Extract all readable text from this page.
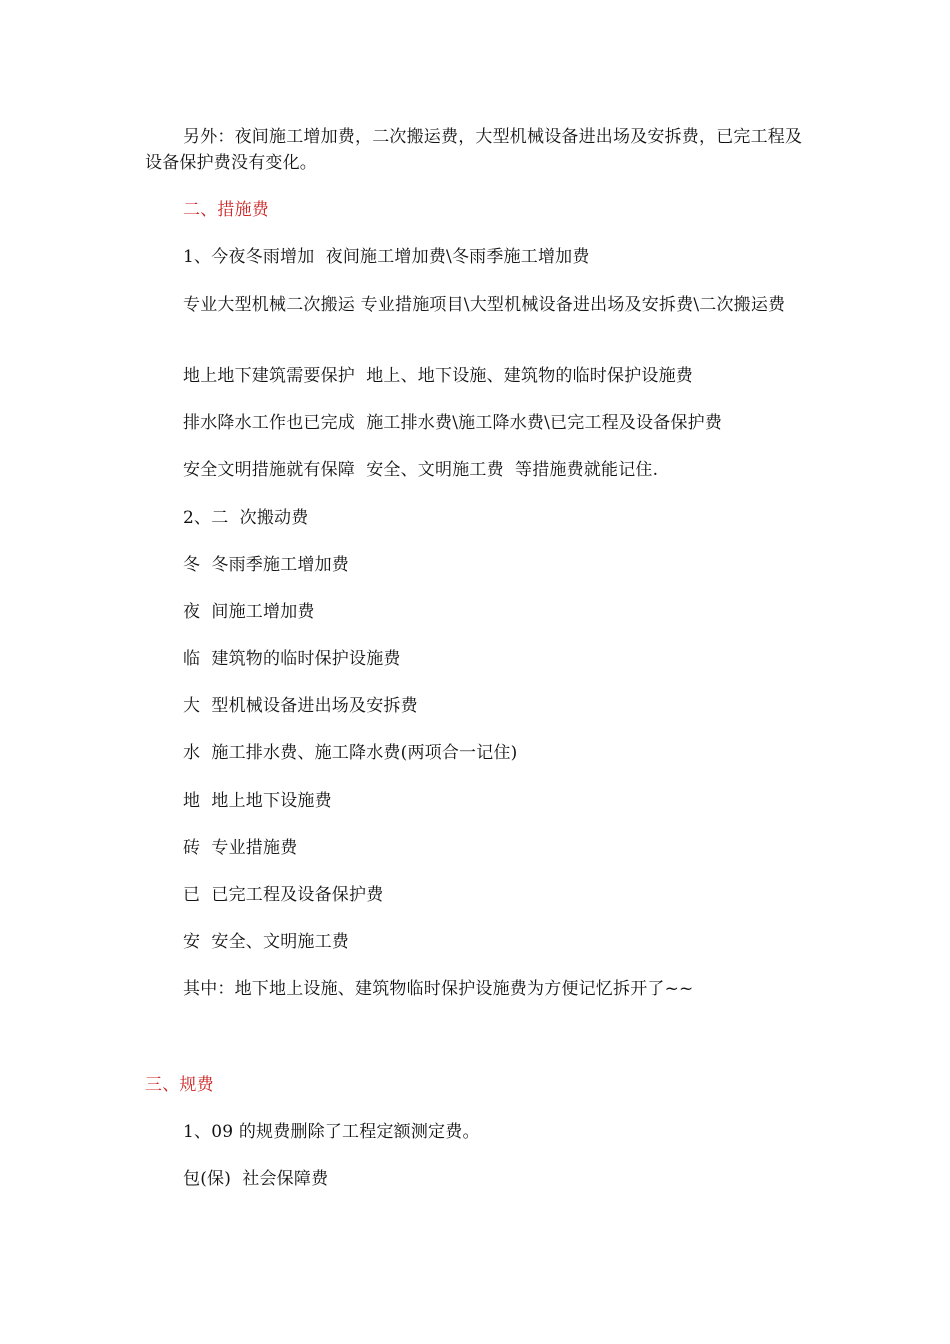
另外：夜间施工增加费，二次搬运费，大型机械设备进出场及安拆费，已完工程及设备保护费没有变化。
二、措施费
1、今夜冬雨增加  夜间施工增加费\冬雨季施工增加费
专业大型机械二次搬运 专业措施项目\大型机械设备进出场及安拆费\二次搬运费
地上地下建筑需要保护  地上、地下设施、建筑物的临时保护设施费
排水降水工作也已完成  施工排水费\施工降水费\已完工程及设备保护费
安全文明措施就有保障  安全、文明施工费  等措施费就能记住.
2、二  次搬动费
冬  冬雨季施工增加费
夜  间施工增加费
临  建筑物的临时保护设施费
大  型机械设备进出场及安拆费
水  施工排水费、施工降水费(两项合一记住)
地  地上地下设施费
砖  专业措施费
已  已完工程及设备保护费
安  安全、文明施工费
其中：地下地上设施、建筑物临时保护设施费为方便记忆拆开了~~
三、规费
1、09 的规费删除了工程定额测定费。
包(保)  社会保障费
